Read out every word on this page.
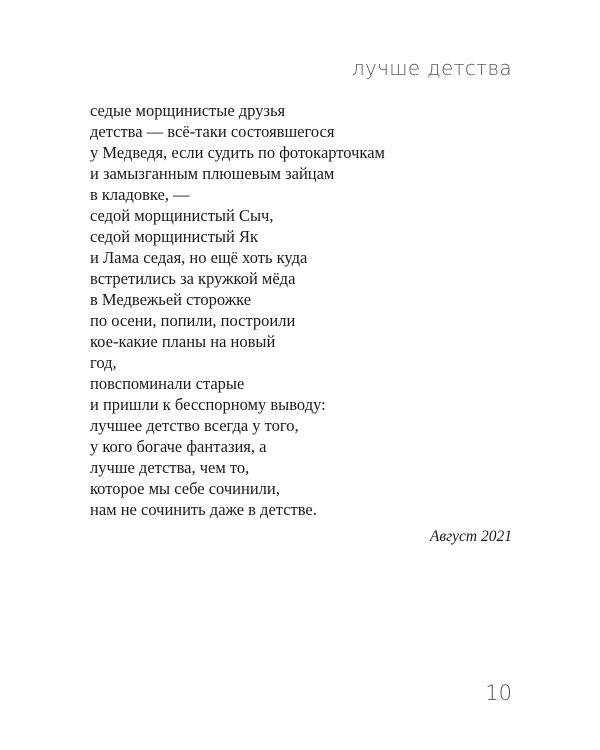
лучше детства
седые морщинистые друзья
детства — всё-таки состоявшегося
у Медведя, если судить по фотокарточкам
и замызганным плюшевым зайцам
в кладовке, —
седой морщинистый Сыч,
седой морщинистый Як
и Лама седая, но ещё хоть куда
встретились за кружкой мёда
в Медвежьей сторожке
по осени, попили, построили
кое-какие планы на новый
год,
повспоминали старые
и пришли к бесспорному выводу:
лучшее детство всегда у того,
у кого богаче фантазия, а
лучше детства, чем то,
которое мы себе сочинили,
нам не сочинить даже в детстве.
Август 2021
10
